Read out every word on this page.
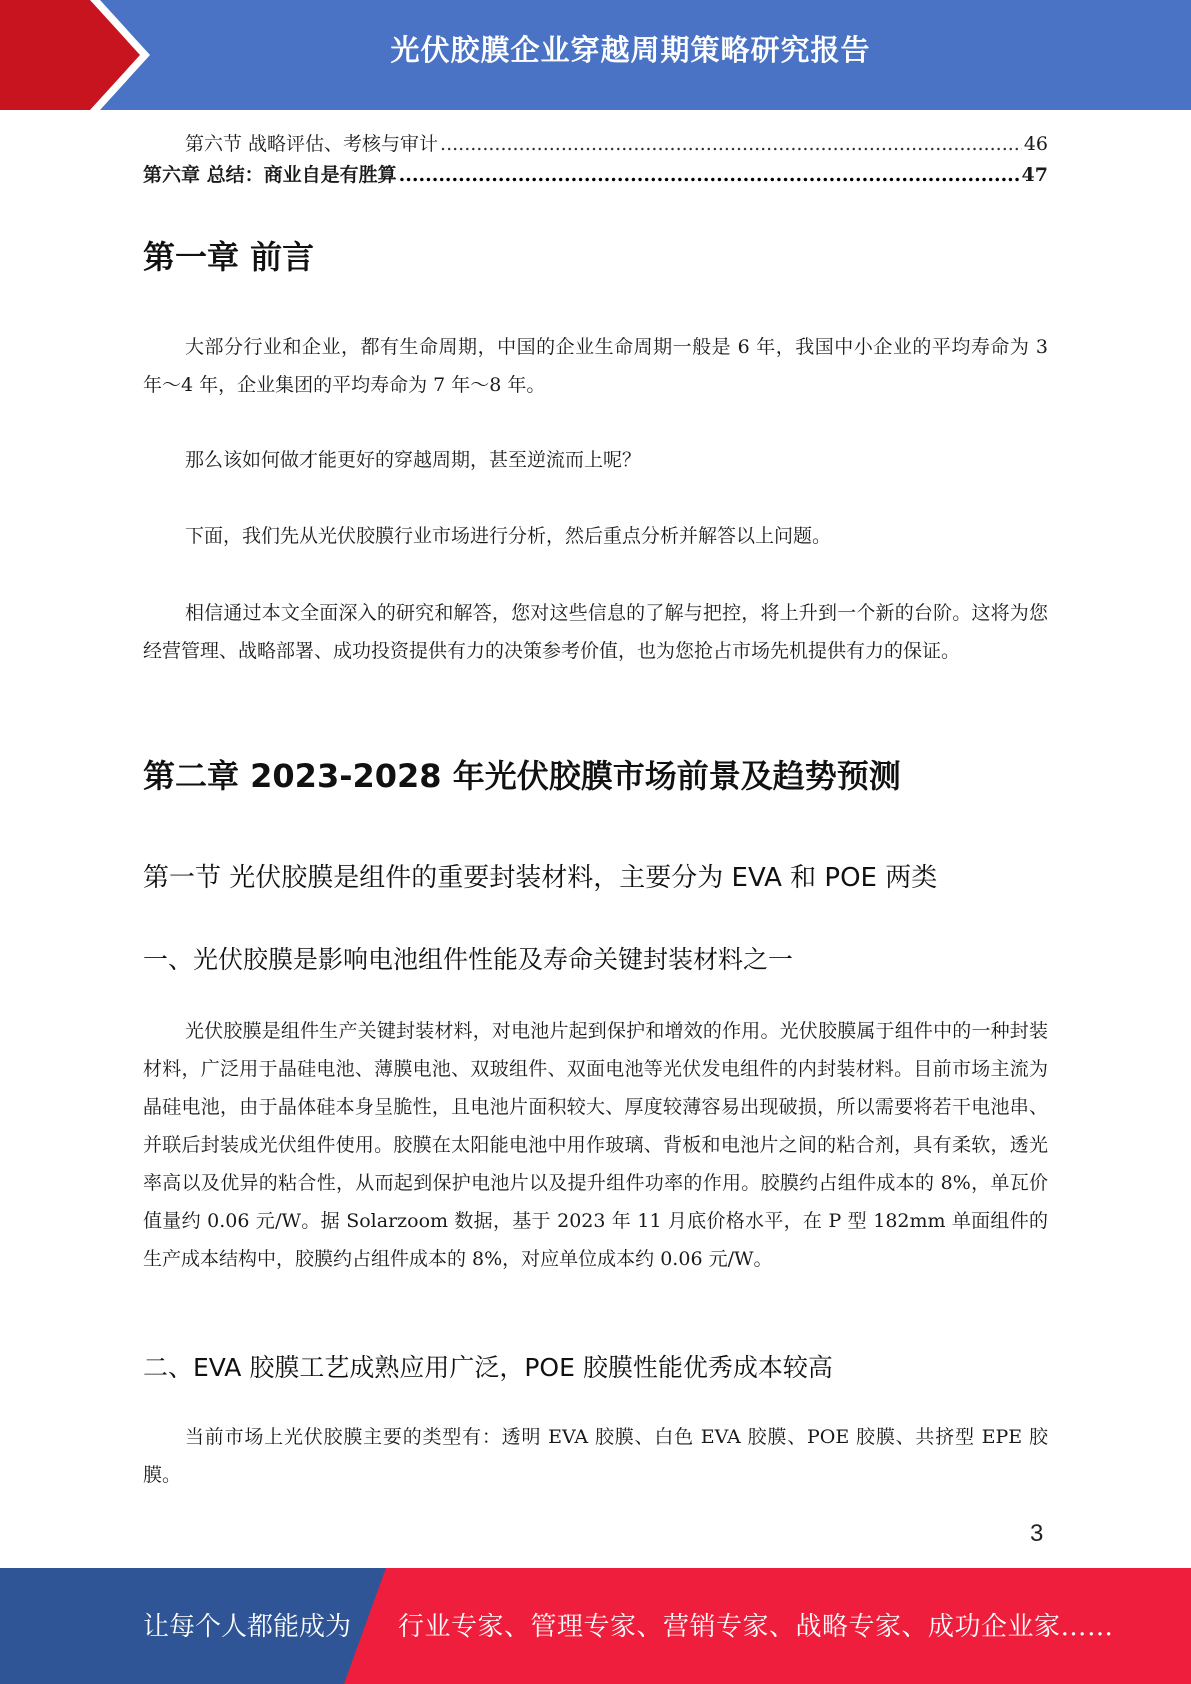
光伏胶膜企业穿越周期策略研究报告
第六节 战略评估、考核与审计 .....	46
第六章 总结：商业自是有胜算 .....	47
第一章 前言

大部分行业和企业，都有生命周期，中国的企业生命周期一般是 6 年，我国中小企业的平均寿命为 3 年～4 年，企业集团的平均寿命为 7 年～8 年。

那么该如何做才能更好的穿越周期，甚至逆流而上呢？

下面，我们先从光伏胶膜行业市场进行分析，然后重点分析并解答以上问题。

相信通过本文全面深入的研究和解答，您对这些信息的了解与把控，将上升到一个新的台阶。这将为您经营管理、战略部署、成功投资提供有力的决策参考价值，也为您抢占市场先机提供有力的保证。

第二章 2023-2028 年光伏胶膜市场前景及趋势预测
第一节 光伏胶膜是组件的重要封装材料，主要分为 EVA 和 POE 两类
一、光伏胶膜是影响电池组件性能及寿命关键封装材料之一

光伏胶膜是组件生产关键封装材料，对电池片起到保护和增效的作用。光伏胶膜属于组件中的一种封装材料，广泛用于晶硅电池、薄膜电池、双玻组件、双面电池等光伏发电组件的内封装材料。目前市场主流为晶硅电池，由于晶体硅本身呈脆性，且电池片面积较大、厚度较薄容易出现破损，所以需要将若干电池串、并联后封装成光伏组件使用。胶膜在太阳能电池中用作玻璃、背板和电池片之间的粘合剂，具有柔软，透光率高以及优异的粘合性，从而起到保护电池片以及提升组件功率的作用。胶膜约占组件成本的 8%，单瓦价值量约 0.06 元/W。据 Solarzoom 数据，基于 2023 年 11 月底价格水平，在 P 型 182mm 单面组件的生产成本结构中，胶膜约占组件成本的 8%，对应单位成本约 0.06 元/W。

二、EVA 胶膜工艺成熟应用广泛，POE 胶膜性能优秀成本较高

当前市场上光伏胶膜主要的类型有：透明 EVA 胶膜、白色 EVA 胶膜、POE 胶膜、共挤型 EPE 胶膜。

3
让每个人都能成为 行业专家、管理专家、营销专家、战略专家、成功企业家……
